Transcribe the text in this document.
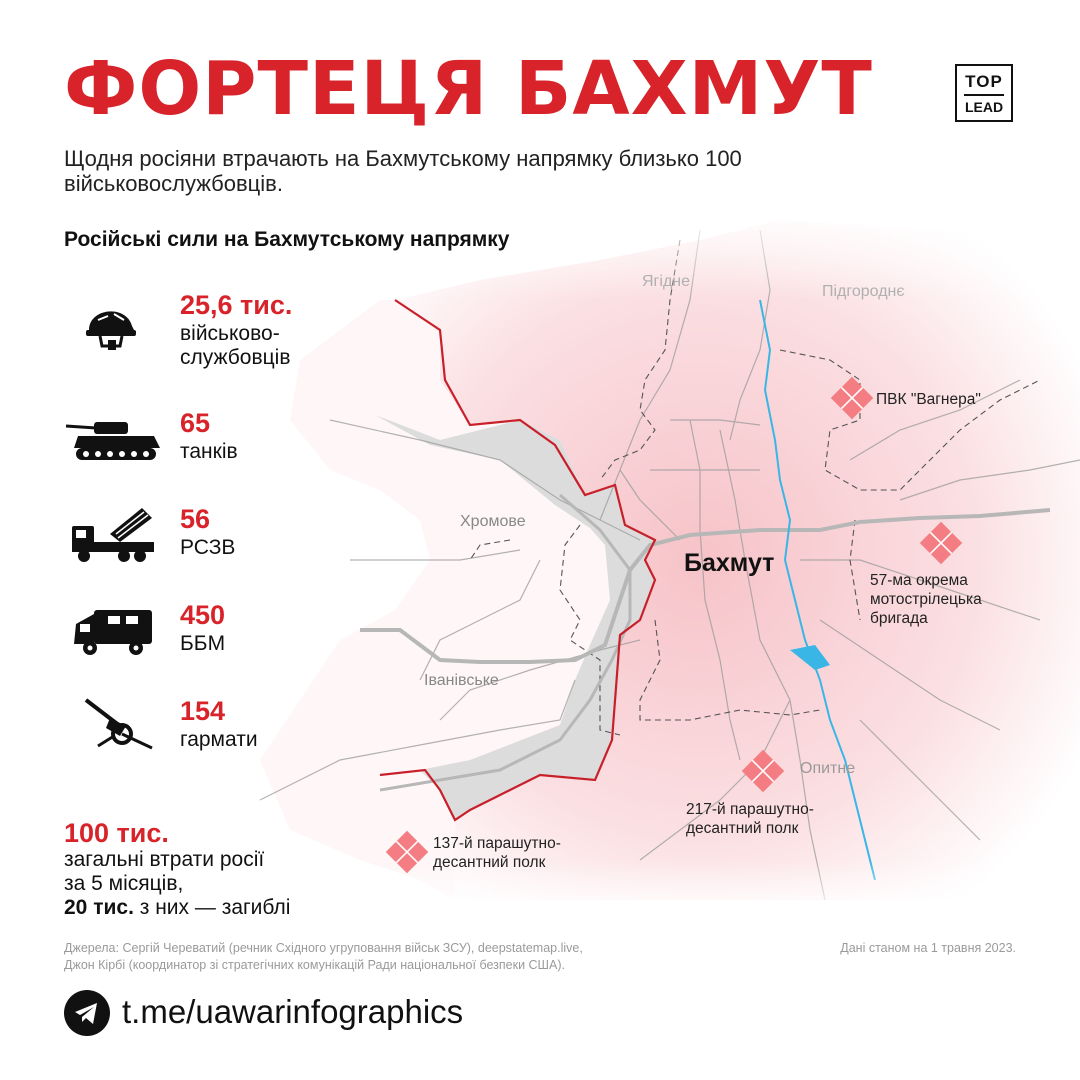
Ягідне
Підгороднє
Хромове
Іванівське
Опитне
Бахмут
ПВК "Вагнера"
57-ма окрема мотострілецька бригада
217-й парашутно- десантний полк
137-й парашутно- десантний полк
ФОРТЕЦЯ БАХМУТ	TOP
LEAD
Щодня росіяни втрачають на Бахмутському напрямку близько 100 військовослужбовців.
Російські сили на Бахмутському напрямку
25,6 тис.
військово-
службовців
65
танків
56
РСЗВ
450
ББМ
154
гармати
100 тис.
загальні втрати росії
за 5 місяців,
20 тис. з них — загиблі
Джерела: Сергій Череватий (речник Східного угруповання військ ЗСУ), deepstatemap.live,
Джон Кірбі (координатор зі стратегічних комунікацій Ради національної безпеки США).
Дані станом на 1 травня 2023.
t.me/uawarinfographics
